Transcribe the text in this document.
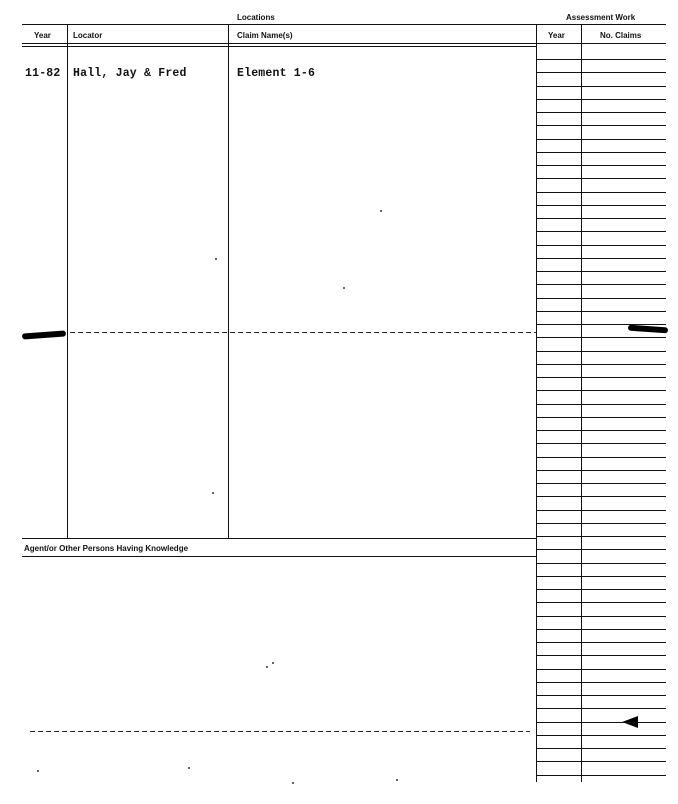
Locations	Assessment Work
Year	Locator	Claim Name(s)	Year	No. Claims
11-82 Hall, Jay & Fred	Element 1-6
Agent/or Other Persons Having Knowledge
